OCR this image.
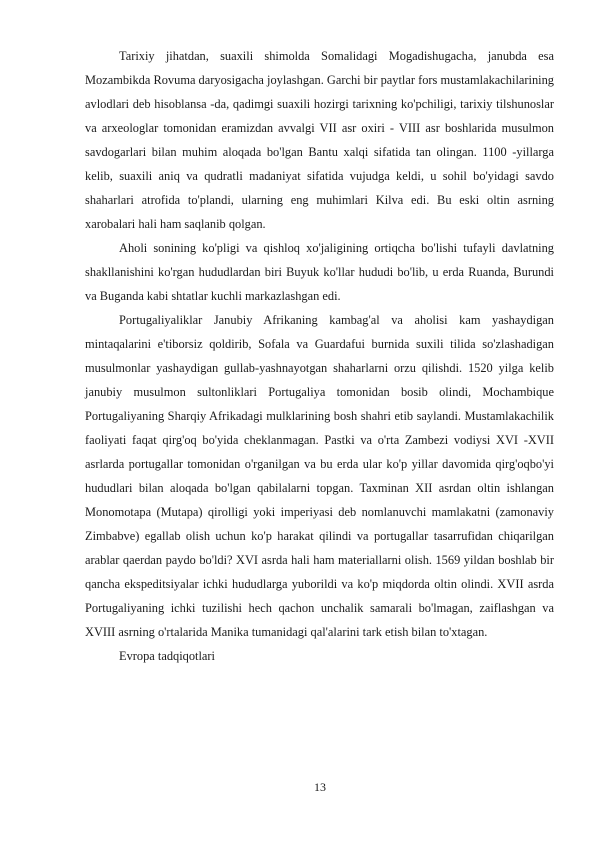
Tarixiy jihatdan, suaxili shimolda Somalidagi Mogadishugacha, janubda esa Mozambikda Rovuma daryosigacha joylashgan. Garchi bir paytlar fors mustamlakachilarining avlodlari deb hisoblansa -da, qadimgi suaxili hozirgi tarixning ko'pchiligi, tarixiy tilshunoslar va arxeologlar tomonidan eramizdan avvalgi VII asr oxiri - VIII asr boshlarida musulmon savdogarlari bilan muhim aloqada bo'lgan Bantu xalqi sifatida tan olingan. 1100 -yillarga kelib, suaxili aniq va qudratli madaniyat sifatida vujudga keldi, u sohil bo'yidagi savdo shaharlari atrofida to'plandi, ularning eng muhimlari Kilva edi. Bu eski oltin asrning xarobalari hali ham saqlanib qolgan.

Aholi sonining ko'pligi va qishloq xo'jaligining ortiqcha bo'lishi tufayli davlatning shakllanishini ko'rgan hududlardan biri Buyuk ko'llar hududi bo'lib, u erda Ruanda, Burundi va Buganda kabi shtatlar kuchli markazlashgan edi.

Portugaliyaliklar Janubiy Afrikaning kambag'al va aholisi kam yashaydigan mintaqalarini e'tiborsiz qoldirib, Sofala va Guardafui burnida suxili tilida so'zlashadigan musulmonlar yashaydigan gullab-yashnayotgan shaharlarni orzu qilishdi. 1520 yilga kelib janubiy musulmon sultonliklari Portugaliya tomonidan bosib olindi, Mochambique Portugaliyaning Sharqiy Afrikadagi mulklarining bosh shahri etib saylandi. Mustamlakachilik faoliyati faqat qirg'oq bo'yida cheklanmagan. Pastki va o'rta Zambezi vodiysi XVI -XVII asrlarda portugallar tomonidan o'rganilgan va bu erda ular ko'p yillar davomida qirg'oqbo'yi hududlari bilan aloqada bo'lgan qabilalarni topgan. Taxminan XII asrdan oltin ishlangan Monomotapa (Mutapa) qirolligi yoki imperiyasi deb nomlanuvchi mamlakatni (zamonaviy Zimbabve) egallab olish uchun ko'p harakat qilindi va portugallar tasarrufidan chiqarilgan arablar qaerdan paydo bo'ldi? XVI asrda hali ham materiallarni olish. 1569 yildan boshlab bir qancha ekspeditsiyalar ichki hududlarga yuborildi va ko'p miqdorda oltin olindi. XVII asrda Portugaliyaning ichki tuzilishi hech qachon unchalik samarali bo'lmagan, zaiflashgan va XVIII asrning o'rtalarida Manika tumanidagi qal'alarini tark etish bilan to'xtagan.

Evropa tadqiqotlari

13
